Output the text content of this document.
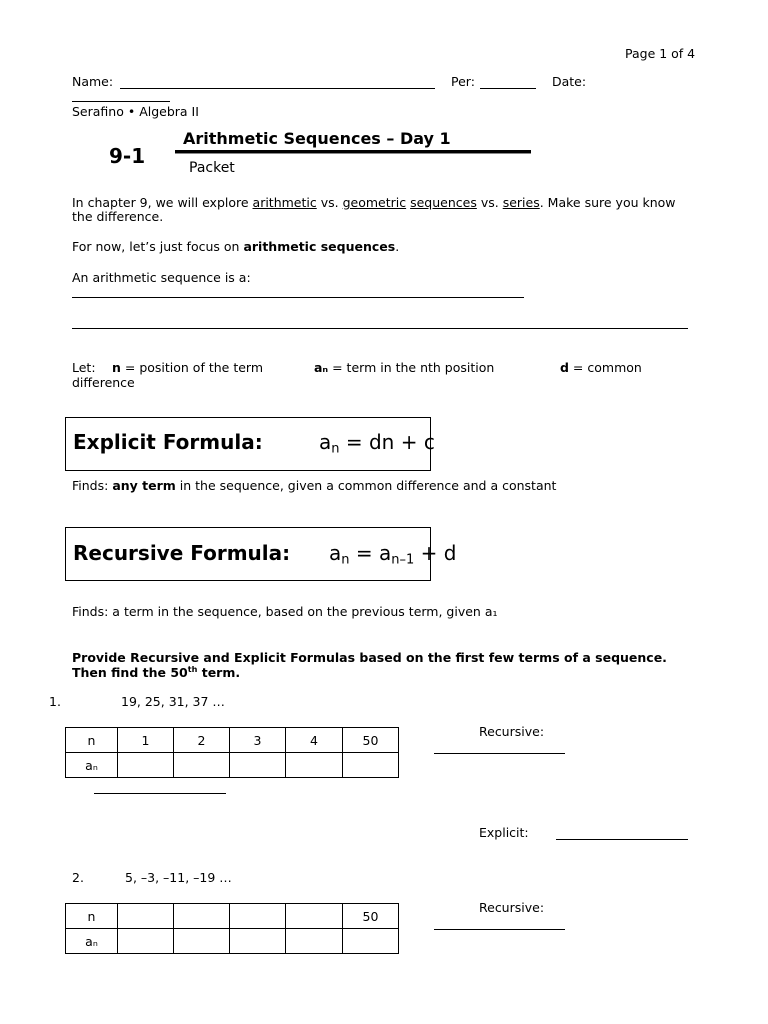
Page 1 of 4
Name:	Per:	Date:
Serafino • Algebra II
9-1
Arithmetic Sequences – Day 1
Packet
In chapter 9, we will explore arithmetic vs. geometric sequences vs. series. Make sure you know
the difference.
For now, let’s just focus on arithmetic sequences.
An arithmetic sequence is a:
Let: n = position of the term	aₙ = term in the nth position	d = common
difference
Explicit Formula:	$a_n$ = dn + c
Finds: any term in the sequence, given a common difference and a constant
Recursive Formula: $a_n = a_{n-1} + d$
Finds: a term in the sequence, based on the previous term, given a₁
Provide Recursive and Explicit Formulas based on the first few terms of a sequence.
Then find the 50th term.
1.	19, 25, 31, 37 …
n	1	2	3	4	50
aₙ					
Recursive:
Explicit:
2.	5, –3, –11, –19 …
n					50
aₙ					
Recursive:
